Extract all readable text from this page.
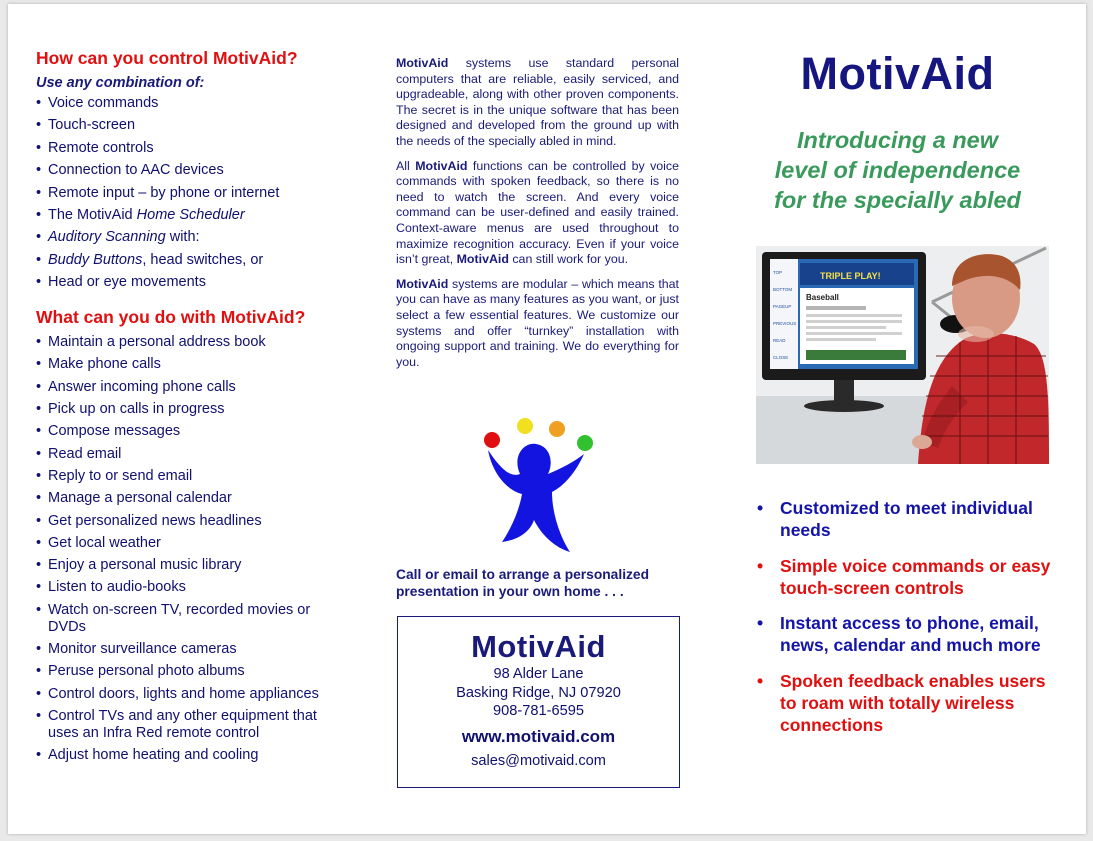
How can you control MotivAid?
Use any combination of:
• Voice commands
• Touch-screen
• Remote controls
• Connection to AAC devices
• Remote input – by phone or internet
• The MotivAid Home Scheduler
• Auditory Scanning with:
• Buddy Buttons, head switches, or
• Head or eye movements
What can you do with MotivAid?
• Maintain a personal address book
• Make phone calls
• Answer incoming phone calls
• Pick up on calls in progress
• Compose messages
• Read email
• Reply to or send email
• Manage a personal calendar
• Get personalized news headlines
• Get local weather
• Enjoy a personal music library
• Listen to audio-books
• Watch on-screen TV, recorded movies or DVDs
• Monitor surveillance cameras
• Peruse personal photo albums
• Control doors, lights and home appliances
• Control TVs and any other equipment that uses an Infra Red remote control
• Adjust home heating and cooling

MotivAid systems use standard personal computers that are reliable, easily serviced, and upgradeable, along with other proven components. The secret is in the unique software that has been designed and developed from the ground up with the needs of the specially abled in mind.

All MotivAid functions can be controlled by voice commands with spoken feedback, so there is no need to watch the screen. And every voice command can be user-defined and easily trained. Context-aware menus are used throughout to maximize recognition accuracy. Even if your voice isn’t great, MotivAid can still work for you.

MotivAid systems are modular – which means that you can have as many features as you want, or just select a few essential features. We customize our systems and offer “turnkey” installation with ongoing support and training. We do everything for you.

Call or email to arrange a personalized presentation in your own home . . .
MotivAid
98 Alder Lane
Basking Ridge, NJ 07920
908-781-6595
www.motivaid.com
sales@motivaid.com
MotivAid
Introducing a new
level of independence
for the specially abled
TRIPLE PLAY!
Baseball
TOP
BOTTOM
PAGEUP
PREVIOUS
READ
CLOSE
• Customized to meet individual needs
• Simple voice commands or easy touch-screen controls
• Instant access to phone, email, news, calendar and much more
• Spoken feedback enables users to roam with totally wireless connections
